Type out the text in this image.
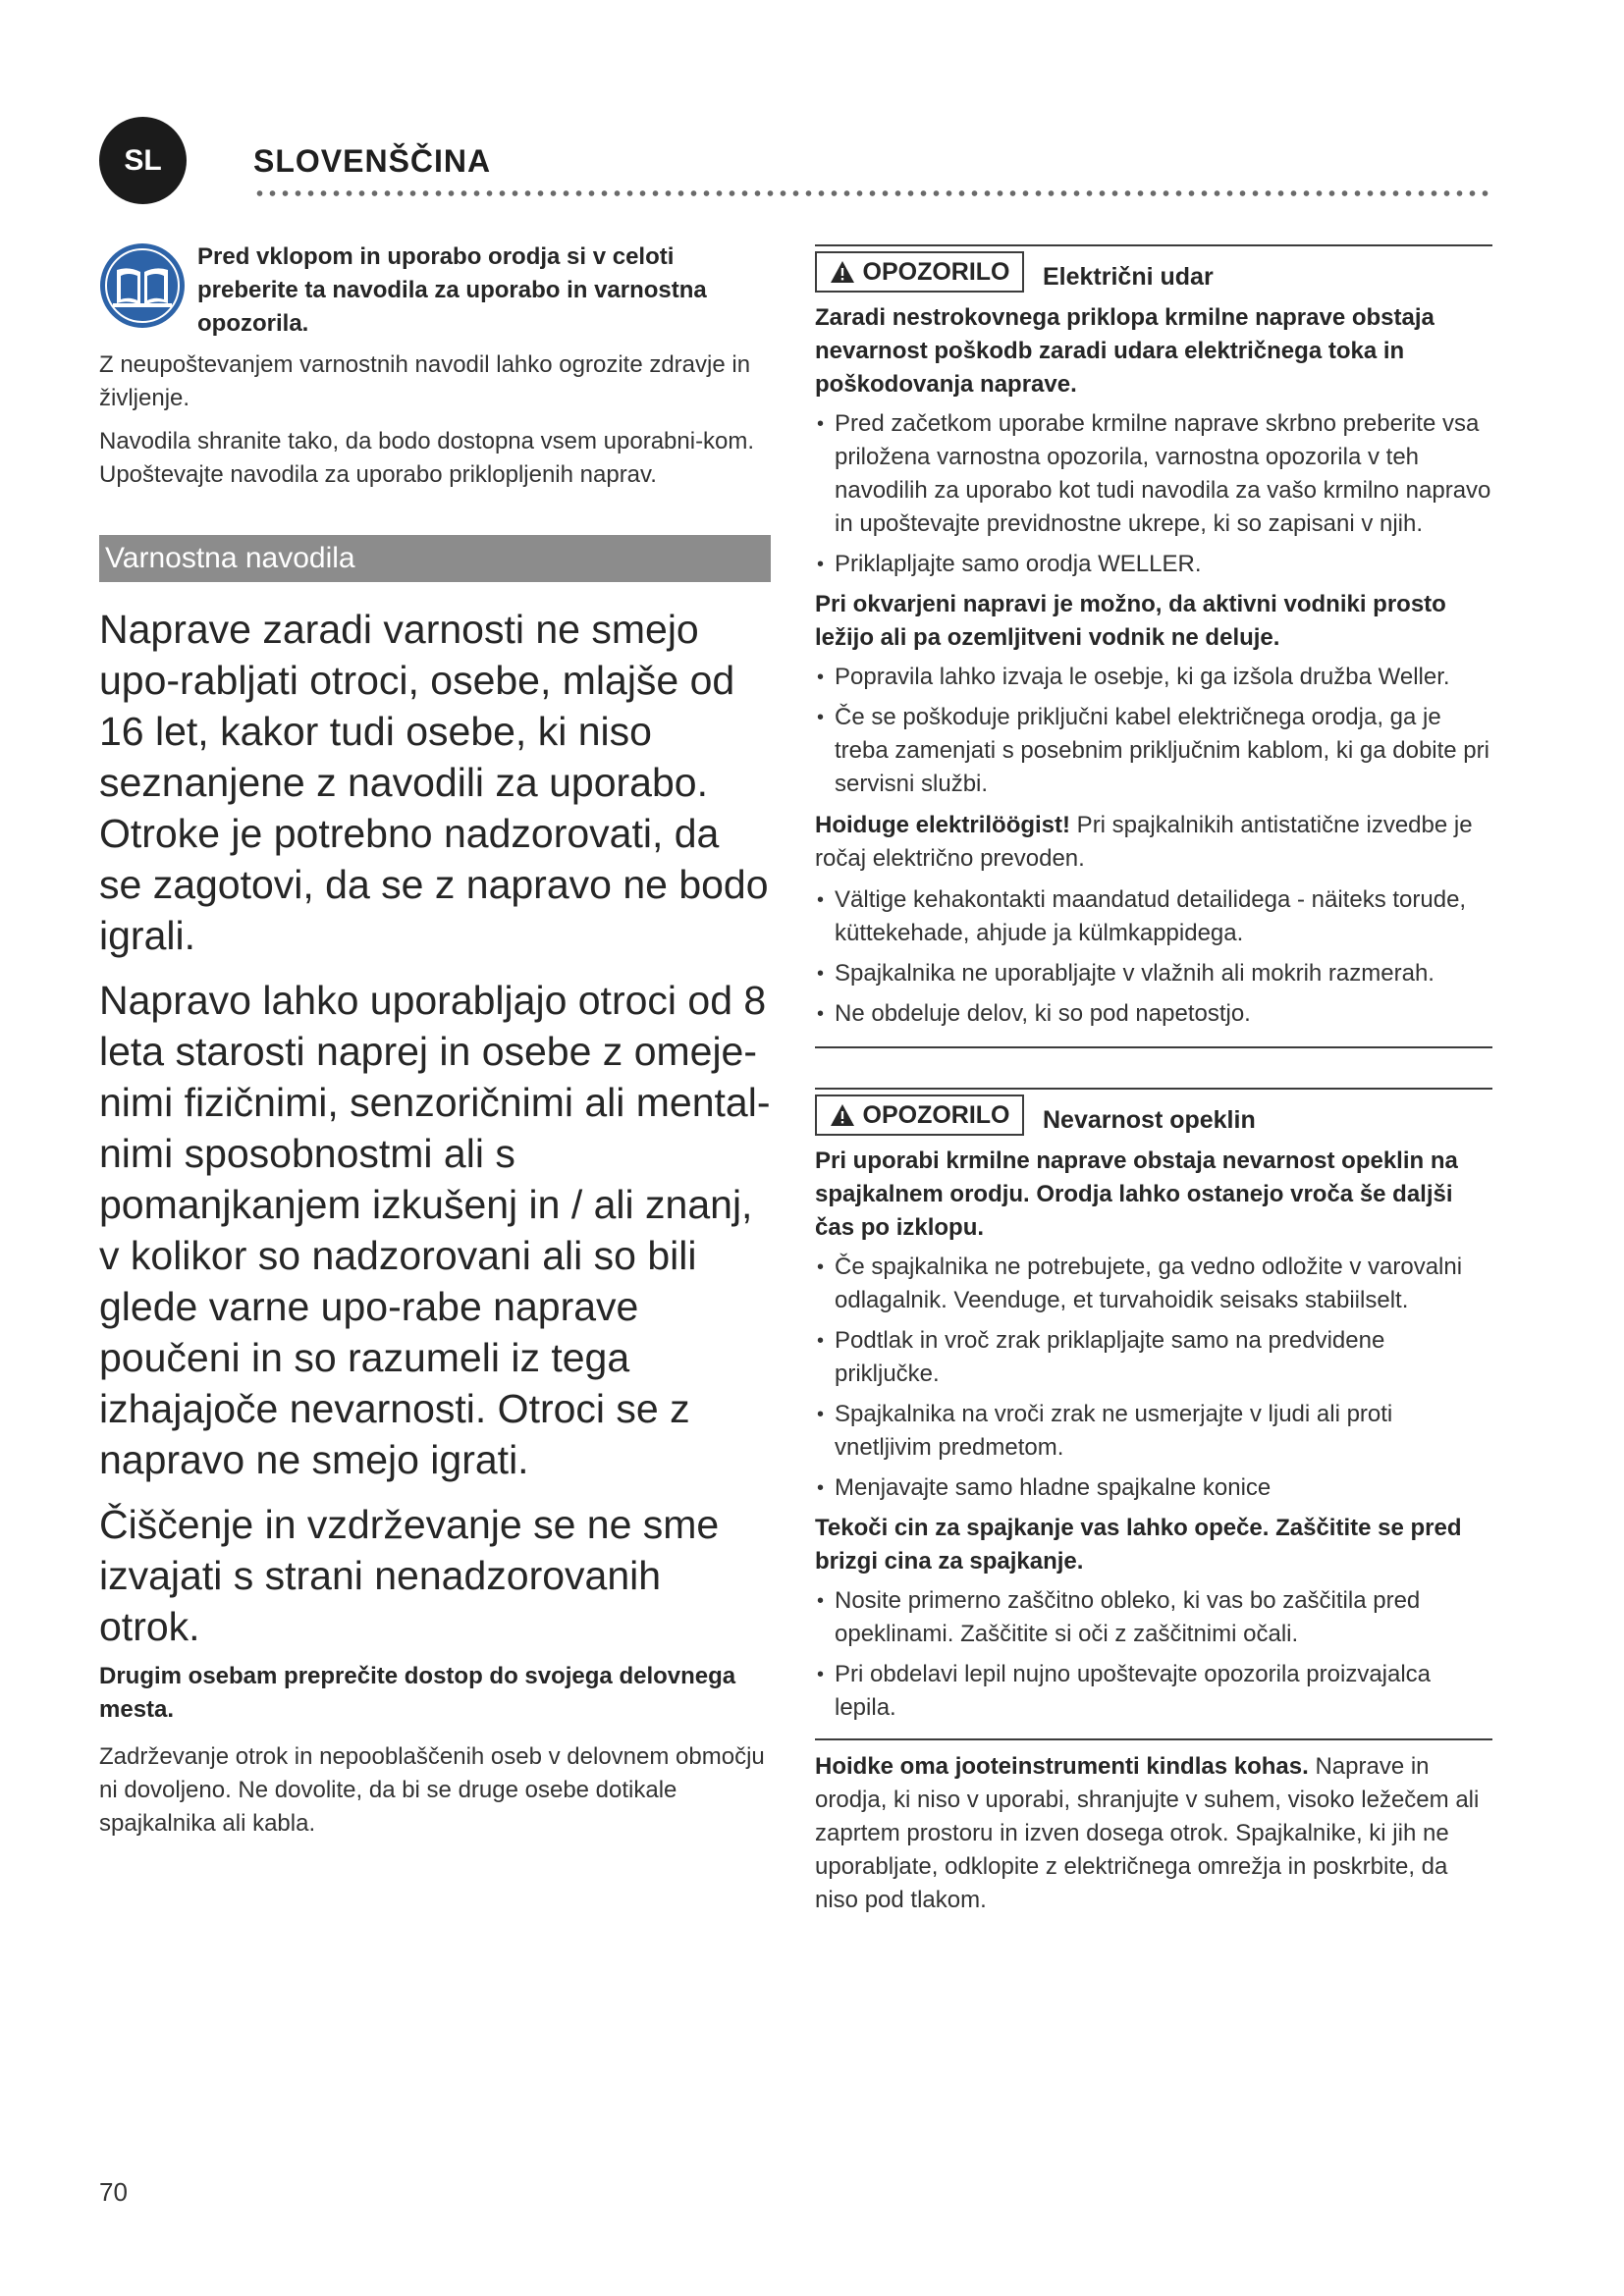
SL	SLOVENŠČINA
Pred vklopom in uporabo orodja si v celoti preberite ta navodila za uporabo in varnostna opozorila.

Z neupoštevanjem varnostnih navodil lahko ogrozite zdravje in življenje.

Navodila shranite tako, da bodo dostopna vsem uporabni-kom. Upoštevajte navodila za uporabo priklopljenih naprav.

Varnostna navodila
Naprave zaradi varnosti ne smejo upo-rabljati otroci, osebe, mlajše od 16 let, kakor tudi osebe, ki niso seznanjene z navodili za uporabo. Otroke je potrebno nadzorovati, da se zagotovi, da se z napravo ne bodo igrali.
Napravo lahko uporabljajo otroci od 8 leta starosti naprej in osebe z omeje-nimi fizičnimi, senzoričnimi ali mental-nimi sposobnostmi ali s pomanjkanjem izkušenj in / ali znanj, v kolikor so nadzorovani ali so bili glede varne upo-rabe naprave poučeni in so razumeli iz tega izhajajoče nevarnosti. Otroci se z napravo ne smejo igrati.
Čiščenje in vzdrževanje se ne sme izvajati s strani nenadzorovanih otrok.
Drugim osebam preprečite dostop do svojega delovnega mesta.

Zadrževanje otrok in nepooblaščenih oseb v delovnem območju ni dovoljeno. Ne dovolite, da bi se druge osebe dotikale spajkalnika ali kabla.

OPOZORILO Električni udar
Zaradi nestrokovnega priklopa krmilne naprave obstaja nevarnost poškodb zaradi udara električnega toka in poškodovanja naprave.
• Pred začetkom uporabe krmilne naprave skrbno preberite vsa priložena varnostna opozorila, varnostna opozorila v teh navodilih za uporabo kot tudi navodila za vašo krmilno napravo in upoštevajte previdnostne ukrepe, ki so zapisani v njih.
• Priklapljajte samo orodja WELLER.
Pri okvarjeni napravi je možno, da aktivni vodniki prosto ležijo ali pa ozemljitveni vodnik ne deluje.
• Popravila lahko izvaja le osebje, ki ga izšola družba Weller.
• Če se poškoduje priključni kabel električnega orodja, ga je treba zamenjati s posebnim priključnim kablom, ki ga dobite pri servisni službi.
Hoiduge elektrilöögist! Pri spajkalnikih antistatične izvedbe je ročaj električno prevoden.
• Vältige kehakontakti maandatud detailidega - näiteks torude, küttekehade, ahjude ja külmkappidega.
• Spajkalnika ne uporabljajte v vlažnih ali mokrih razmerah.
• Ne obdeluje delov, ki so pod napetostjo.
OPOZORILO Nevarnost opeklin
Pri uporabi krmilne naprave obstaja nevarnost opeklin na spajkalnem orodju. Orodja lahko ostanejo vroča še daljši čas po izklopu.
• Če spajkalnika ne potrebujete, ga vedno odložite v varovalni odlagalnik. Veenduge, et turvahoidik seisaks stabiilselt.
• Podtlak in vroč zrak priklapljajte samo na predvidene priključke.
• Spajkalnika na vroči zrak ne usmerjajte v ljudi ali proti vnetljivim predmetom.
• Menjavajte samo hladne spajkalne konice
Tekoči cin za spajkanje vas lahko opeče. Zaščitite se pred brizgi cina za spajkanje.
• Nosite primerno zaščitno obleko, ki vas bo zaščitila pred opeklinami. Zaščitite si oči z zaščitnimi očali.
• Pri obdelavi lepil nujno upoštevajte opozorila proizvajalca lepila.
Hoidke oma jooteinstrumenti kindlas kohas. Naprave in orodja, ki niso v uporabi, shranjujte v suhem, visoko ležečem ali zaprtem prostoru in izven dosega otrok. Spajkalnike, ki jih ne uporabljate, odklopite z električnega omrežja in poskrbite, da niso pod tlakom.
70
